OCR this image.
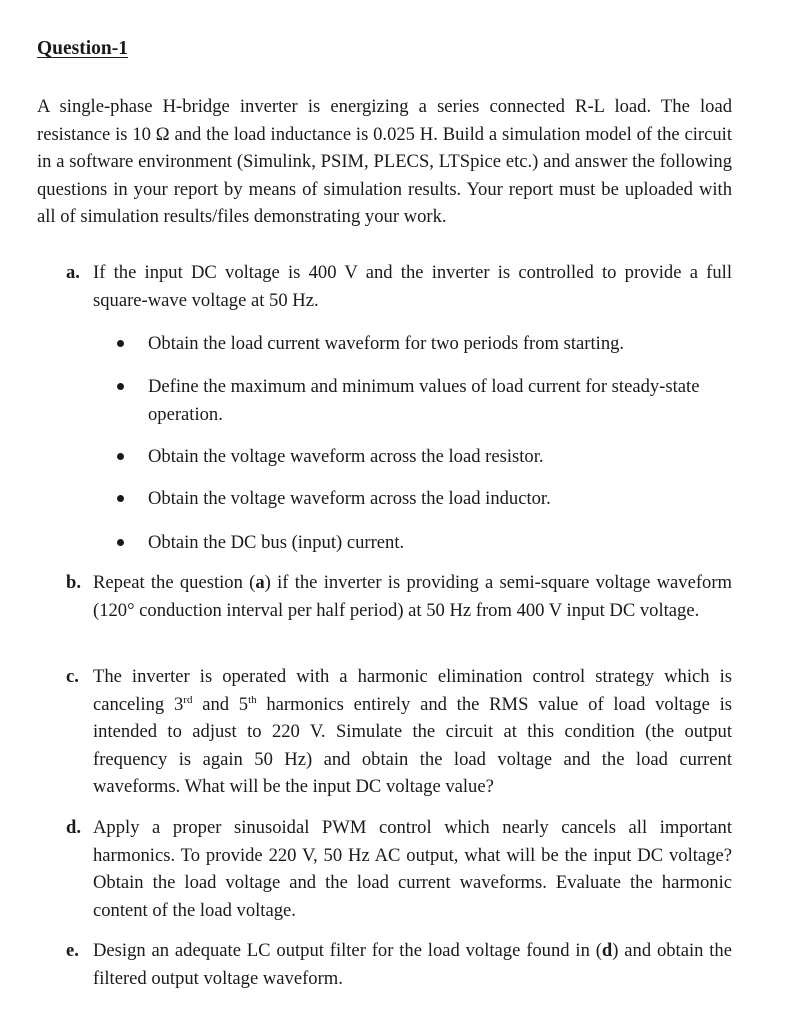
Question-1
A single-phase H-bridge inverter is energizing a series connected R-L load. The load resistance is 10 Ω and the load inductance is 0.025 H. Build a simulation model of the circuit in a software environment (Simulink, PSIM, PLECS, LTSpice etc.) and answer the following questions in your report by means of simulation results. Your report must be uploaded with all of simulation results/files demonstrating your work.
a. If the input DC voltage is 400 V and the inverter is controlled to provide a full square-wave voltage at 50 Hz.
Obtain the load current waveform for two periods from starting.
Define the maximum and minimum values of load current for steady-state operation.
Obtain the voltage waveform across the load resistor.
Obtain the voltage waveform across the load inductor.
Obtain the DC bus (input) current.
b. Repeat the question (a) if the inverter is providing a semi-square voltage waveform (120° conduction interval per half period) at 50 Hz from 400 V input DC voltage.
c. The inverter is operated with a harmonic elimination control strategy which is canceling 3rd and 5th harmonics entirely and the RMS value of load voltage is intended to adjust to 220 V. Simulate the circuit at this condition (the output frequency is again 50 Hz) and obtain the load voltage and the load current waveforms. What will be the input DC voltage value?
d. Apply a proper sinusoidal PWM control which nearly cancels all important harmonics. To provide 220 V, 50 Hz AC output, what will be the input DC voltage? Obtain the load voltage and the load current waveforms. Evaluate the harmonic content of the load voltage.
e. Design an adequate LC output filter for the load voltage found in (d) and obtain the filtered output voltage waveform.
